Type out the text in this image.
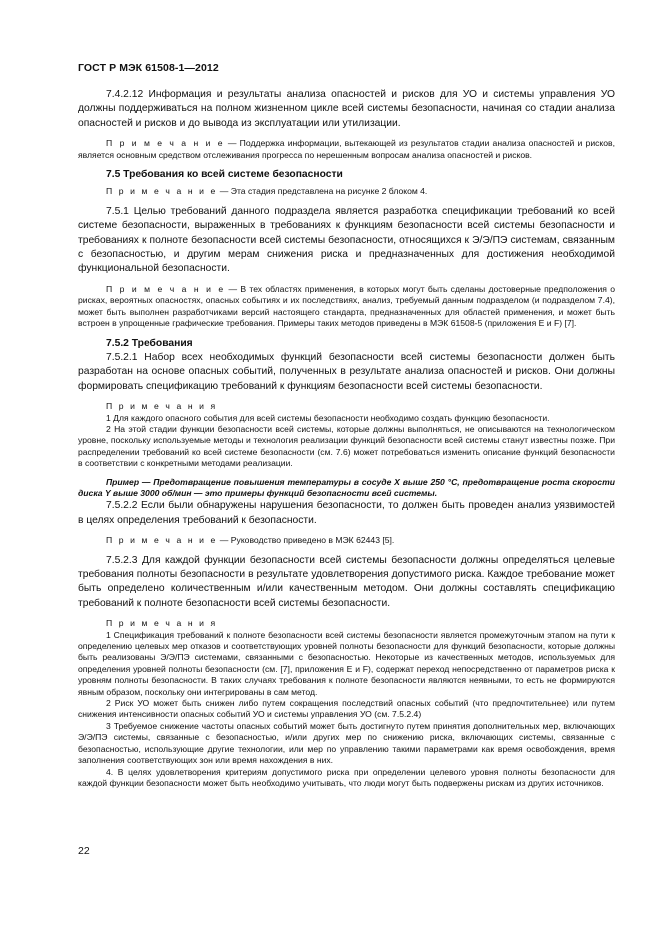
ГОСТ Р МЭК 61508-1—2012

7.4.2.12 Информация и результаты анализа опасностей и рисков для УО и системы управления УО должны поддерживаться на полном жизненном цикле всей системы безопасности, начиная со стадии анализа опасностей и рисков и до вывода из эксплуатации или утилизации.

П р и м е ч а н и е — Поддержка информации, вытекающей из результатов стадии анализа опасностей и рисков, является основным средством отслеживания прогресса по нерешенным вопросам анализа опасностей и рисков.

7.5 Требования ко всей системе безопасности

П р и м е ч а н и е — Эта стадия представлена на рисунке 2 блоком 4.

7.5.1 Целью требований данного подраздела является разработка спецификации требований ко всей системе безопасности, выраженных в требованиях к функциям безопасности всей системы безопасности и требованиях к полноте безопасности всей системы безопасности, относящихся к Э/Э/ПЭ системам, связанным с безопасностью, и другим мерам снижения риска и предназначенных для достижения необходимой функциональной безопасности.

П р и м е ч а н и е — В тех областях применения, в которых могут быть сделаны достоверные предположения о рисках, вероятных опасностях, опасных событиях и их последствиях, анализ, требуемый данным подразделом (и подразделом 7.4), может быть выполнен разработчиками версий настоящего стандарта, предназначенных для областей применения, и может быть встроен в упрощенные графические требования. Примеры таких методов приведены в МЭК 61508-5 (приложения E и F) [7].

7.5.2 Требования

7.5.2.1 Набор всех необходимых функций безопасности всей системы безопасности должен быть разработан на основе опасных событий, полученных в результате анализа опасностей и рисков. Они должны формировать спецификацию требований к функциям безопасности всей системы безопасности.

П р и м е ч а н и я

1 Для каждого опасного события для всей системы безопасности необходимо создать функцию безопасности.

2 На этой стадии функции безопасности всей системы, которые должны выполняться, не описываются на технологическом уровне, поскольку используемые методы и технология реализации функций безопасности всей системы станут известны позже. При распределении требований ко всей системе безопасности (см. 7.6) может потребоваться изменить описание функций безопасности в соответствии с конкретными методами реализации.

Пример — Предотвращение повышения температуры в сосуде X выше 250 °С, предотвращение роста скорости диска Y выше 3000 об/мин — это примеры функций безопасности всей системы.

7.5.2.2 Если были обнаружены нарушения безопасности, то должен быть проведен анализ уязвимостей в целях определения требований к безопасности.

П р и м е ч а н и е — Руководство приведено в МЭК 62443 [5].

7.5.2.3 Для каждой функции безопасности всей системы безопасности должны определяться целевые требования полноты безопасности в результате удовлетворения допустимого риска. Каждое требование может быть определено количественным и/или качественным методом. Они должны составлять спецификацию требований к полноте безопасности всей системы безопасности.

П р и м е ч а н и я

1 Спецификация требований к полноте безопасности всей системы безопасности является промежуточным этапом на пути к определению целевых мер отказов и соответствующих уровней полноты безопасности для функций безопасности, которые должны быть реализованы Э/Э/ПЭ системами, связанными с безопасностью. Некоторые из качественных методов, используемых для определения уровней полноты безопасности (см. [7], приложения E и F), содержат переход непосредственно от параметров риска к уровням полноты безопасности. В таких случаях требования к полноте безопасности являются неявными, то есть не формируются явным образом, поскольку они интегрированы в сам метод.

2 Риск УО может быть снижен либо путем сокращения последствий опасных событий (что предпочтительнее) или путем снижения интенсивности опасных событий УО и системы управления УО (см. 7.5.2.4)

3 Требуемое снижение частоты опасных событий может быть достигнуто путем принятия дополнительных мер, включающих Э/Э/ПЭ системы, связанные с безопасностью, и/или других мер по снижению риска, включающих системы, связанные с безопасностью, использующие другие технологии, или мер по управлению такими параметрами как время освобождения, время заполнения соответствующих зон или время нахождения в них.

4. В целях удовлетворения критериям допустимого риска при определении целевого уровня полноты безопасности для каждой функции безопасности может быть необходимо учитывать, что люди могут быть подвержены рискам из других источников.

22
